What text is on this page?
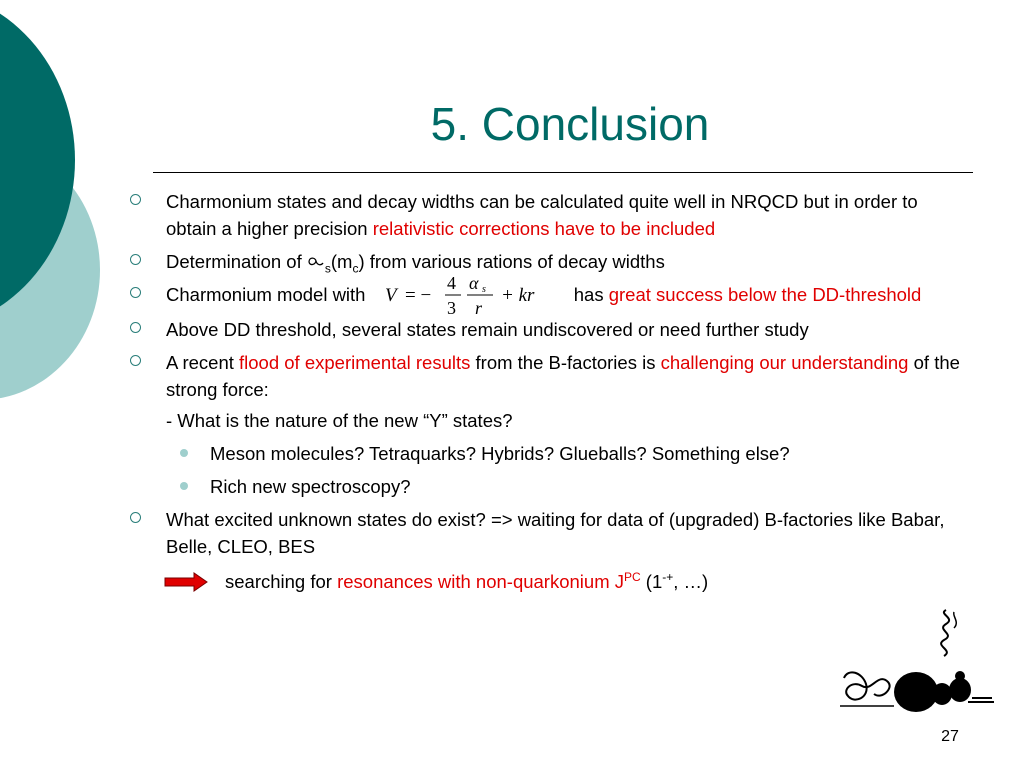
5. Conclusion
Charmonium states and decay widths can be calculated quite well in NRQCD but in order to obtain a higher precision relativistic corrections have to be included
Determination of $_s(m_c)$ from various rations of decay widths
Charmonium model with V = −
4
3
α s
r
+ kr has great success below the DD-threshold
Above DD threshold, several states remain undiscovered or need further study
A recent flood of experimental results from the B-factories is challenging our understanding of the strong force:
- What is the nature of the new “Y” states?
Meson molecules? Tetraquarks? Hybrids? Glueballs? Something else?
Rich new spectroscopy?
What excited unknown states do exist? => waiting for data of (upgraded) B-factories like Babar, Belle, CLEO, BES
searching for resonances with non-quarkonium $J^{PC}$ (1-+, …)
27
